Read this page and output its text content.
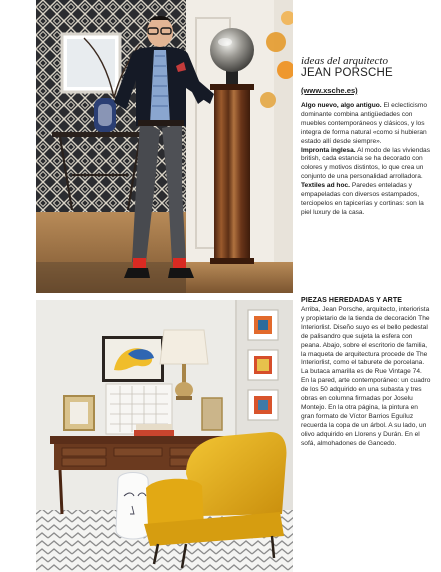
ideas del arquitecto
JEAN PORSCHE
(www.xsche.es)

Algo nuevo, algo antiguo. El eclecticismo dominante combina antigüedades con muebles contemporáneos y clásicos, y los integra de forma natural «como si hubieran estado allí desde siempre».

Impronta inglesa. Al modo de las viviendas british, cada estancia se ha decorado con colores y motivos distintos, lo que crea un conjunto de una personalidad arrolladora.

Textiles ad hoc. Paredes enteladas y empapeladas con diversos estampados, terciopelos en tapicerías y cortinas: son la piel luxury de la casa.

PIEZAS HEREDADAS Y ARTE
Arriba, Jean Porsche, arquitecto, interiorista y propietario de la tienda de decoración The Interiorlist. Diseño suyo es el bello pedestal de palisandro que sujeta la esfera con peana. Abajo, sobre el escritorio de familia, la maqueta de arquitectura procede de The Interiorlist, como el taburete de porcelana. La butaca amarilla es de Rue Vintage 74. En la pared, arte contemporáneo: un cuadro de los 50 adquirido en una subasta y tres obras en columna firmadas por Joselu Montejo. En la otra página, la pintura en gran formato de Víctor Barrios Eguíluz recuerda la copa de un árbol. A su lado, un olivo adquirido en Llorens y Durán. En el sofá, almohadones de Gancedo.
